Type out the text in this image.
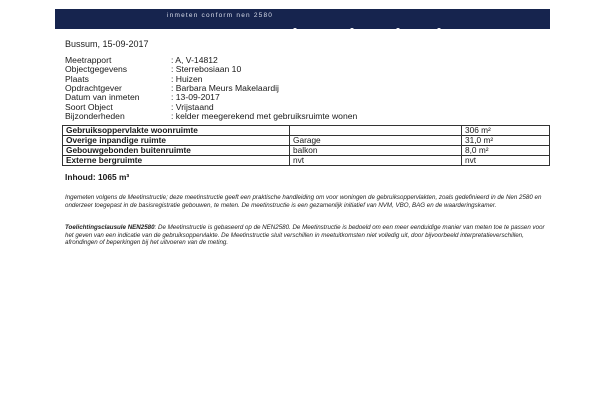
inmeten conform nen 2580
Bussum, 15-09-2017
Meetrapport	: A, V-14812
Objectgegevens	: Sterrebosiaan 10
Plaats	: Huizen
Opdrachtgever	: Barbara Meurs Makelaardij
Datum van inmeten	: 13-09-2017
Soort Object	: Vrijstaand
Bijzonderheden	: kelder meegerekend met gebruiksruimte wonen
Gebruiksoppervlakte woonruimte		306 m²
Overige inpandige ruimte	Garage	31,0 m²
Gebouwgebonden buitenruimte	balkon	8,0 m²
Externe bergruimte	nvt	nvt
Inhoud: 1065 m³
Ingemeten volgens de Meetinstructie; deze meetinstructie geeft een praktische handleiding om voor woningen de gebruiksoppervlakten, zoals gedefinieerd in de Nen 2580 en onderzeer toegepast in de basisregistratie gebouwen, te meten. De meetinstructie is een gezamenlijk initiatief van NVM, VBO, BAG en de waarderingskamer.
Toelichtingsclausule NEN2580: De Meetinstructie is gebaseerd op de NEN2580. De Meetinstructie is bedoeld om een meer eenduidige manier van meten toe te passen voor het geven van een indicatie van de gebruiksoppervlakte. De Meetinstructie sluit verschillen in meetuitkomsten niet volledig uit, door bijvoorbeeld interpretatieverschillen, afrondingen of beperkingen bij het uitvoeren van de meting.
